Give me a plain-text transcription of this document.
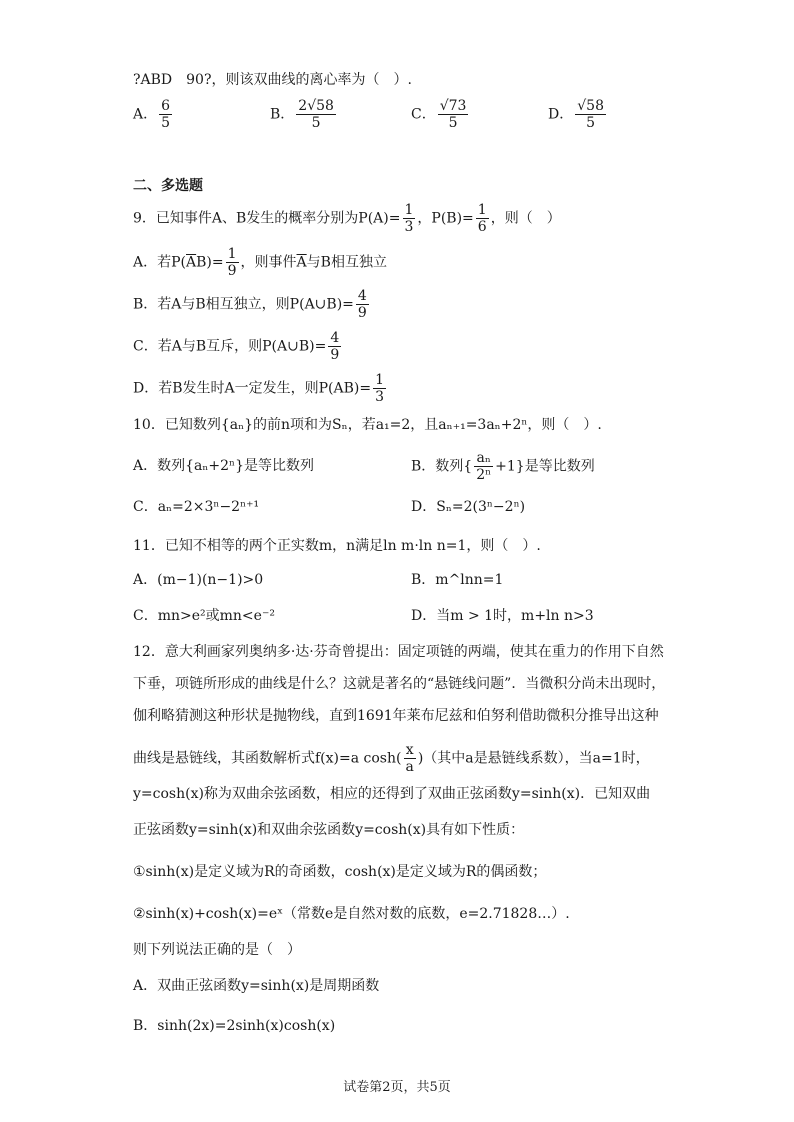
?ABD　90?，则该双曲线的离心率为（　）.
A． $\frac{6}{5}$	B． $\frac{2√58}{5}$	C． $\frac{√73}{5}$	D． $\frac{√58}{5}$
二、多选题
9．已知事件A、B发生的概率分别为$P(A)= \frac{1}{3}$ ，$P(B)= \frac{1}{6}$ ，则（　）
A．若$P(\overline{A}B)= \frac{1}{9}$ ，则事件$\overline{A}$与B相互独立
B．若A与B相互独立，则P(A∪B)= $\frac{4}{9}$
C．若A与B互斥，则P(A∪B)= $\frac{4}{9}$
D．若B发生时A一定发生，则$P(AB)= \frac{1}{3}$
10．已知数列{aₙ}的前n项和为Sₙ，若a₁=2，且aₙ₊₁=3aₙ+2ⁿ，则（　）.
A．数列{aₙ+2ⁿ}是等比数列	B．数列{ $\frac{\text{aₙ}}{\text{2ⁿ}} +1$}是等比数列
C．aₙ=2×3ⁿ−2ⁿ⁺¹	D．Sₙ=2(3ⁿ−2ⁿ)
11．已知不相等的两个正实数m，n满足ln m·ln n=1，则（　）.
A．(m−1)(n−1)>0	B．m^lnn=1
C．mn>e²或mn<e⁻²	D．当m > 1时，m+ln n>3
12．意大利画家列奥纳多·达·芬奇曾提出：固定项链的两端，使其在重力的作用下自然
下垂，项链所形成的曲线是什么？这就是著名的“悬链线问题”．当微积分尚未出现时，
伽利略猜测这种形状是抛物线，直到1691年莱布尼兹和伯努利借助微积分推导出这种
曲线是悬链线，其函数解析式f(x)=a $\cosh( \frac{x}{a}$ )（其中a是悬链线系数），当a=1时，
y=cosh(x)称为双曲余弦函数，相应的还得到了双曲正弦函数y=sinh(x)．已知双曲
正弦函数y=sinh(x)和双曲余弦函数y=cosh(x)具有如下性质：
①sinh(x)是定义域为R的奇函数，cosh(x)是定义域为R的偶函数；
②sinh(x)+cosh(x)=eˣ（常数e是自然对数的底数，e=2.71828…）.
则下列说法正确的是（　）
A．双曲正弦函数y=sinh(x)是周期函数
B．sinh(2x)=2sinh(x)cosh(x)
试卷第2页，共5页
